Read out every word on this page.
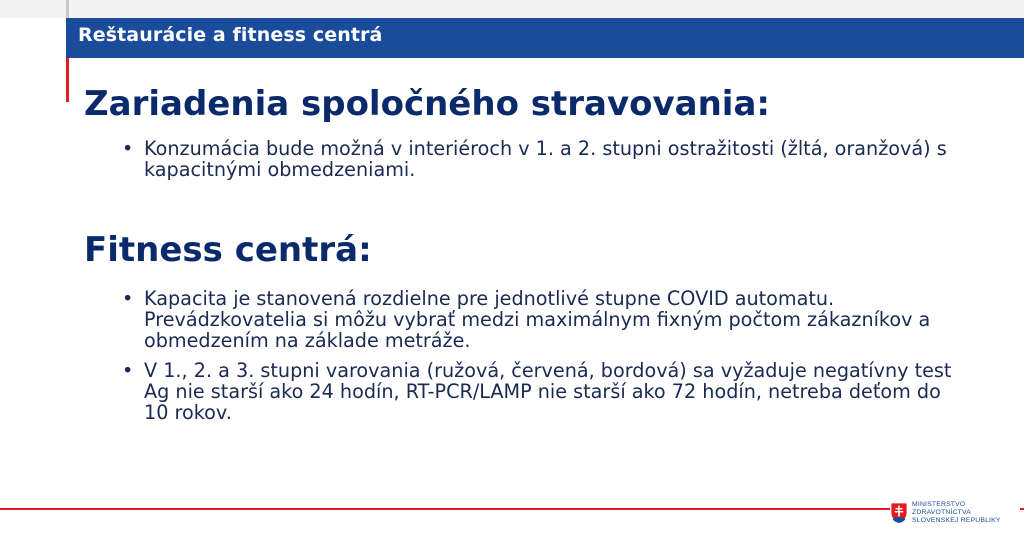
Reštaurácie a fitness centrá
Zariadenia spoločného stravovania:
• Konzumácia bude možná v interiéroch v 1. a 2. stupni ostražitosti (žltá, oranžová) s kapacitnými obmedzeniami.
Fitness centrá:
• Kapacita je stanovená rozdielne pre jednotlivé stupne COVID automatu. Prevádzkovatelia si môžu vybrať medzi maximálnym fixným počtom zákazníkov a obmedzením na základe metráže.
• V 1., 2. a 3. stupni varovania (ružová, červená, bordová) sa vyžaduje negatívny test Ag nie starší ako 24 hodín, RT-PCR/LAMP nie starší ako 72 hodín, netreba deťom do 10 rokov.
MINISTERSTVO
ZDRAVOTNÍCTVA
SLOVENSKEJ REPUBLIKY
